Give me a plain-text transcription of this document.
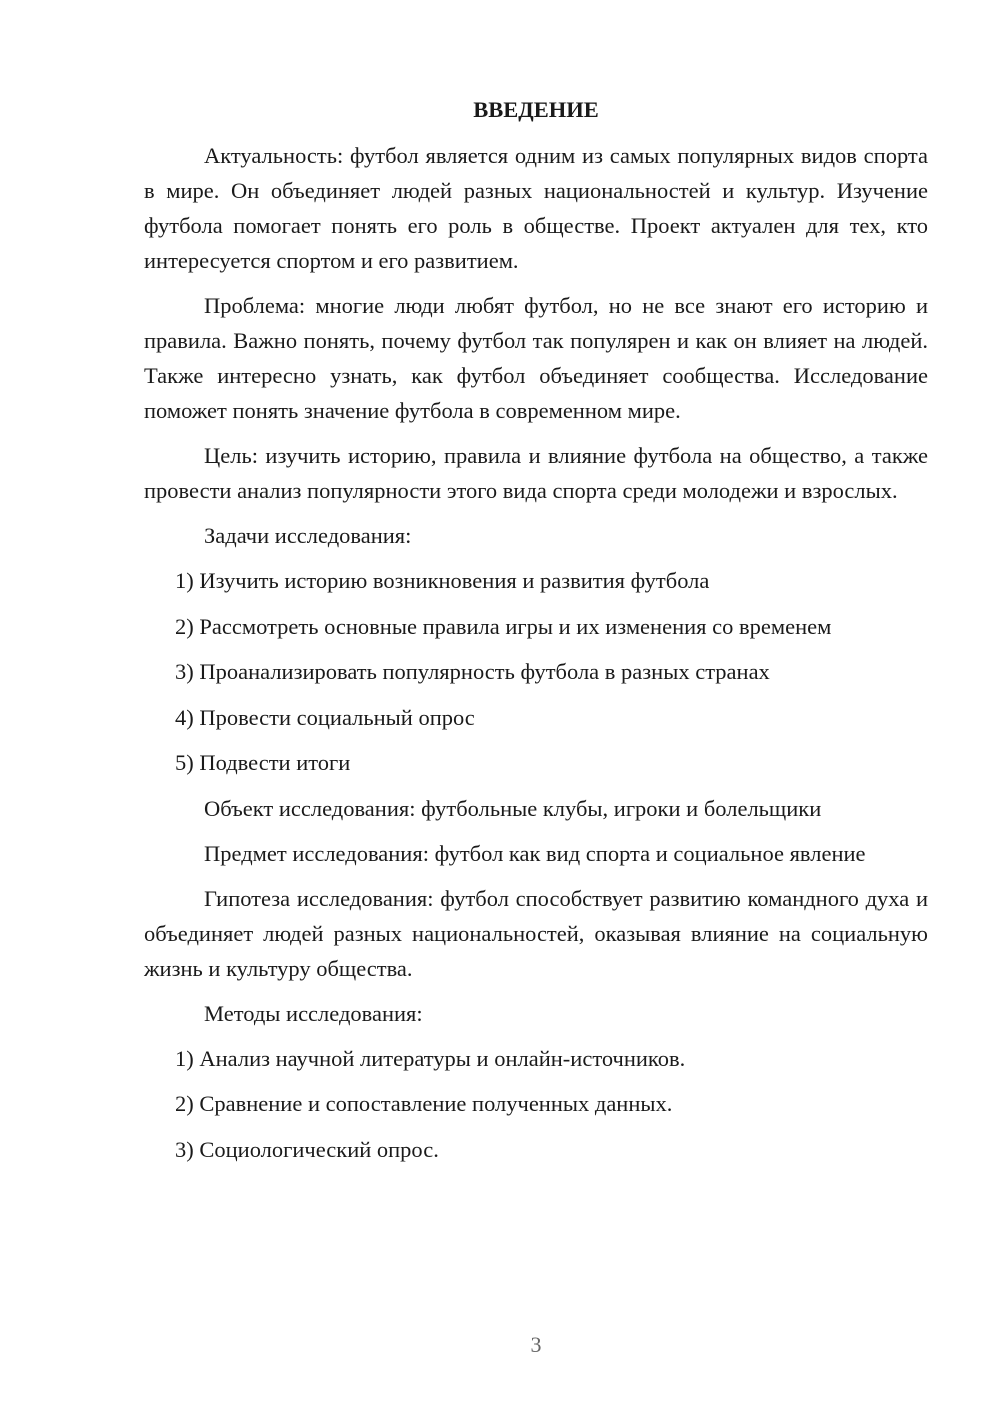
ВВЕДЕНИЕ

Актуальность: футбол является одним из самых популярных видов спорта в мире. Он объединяет людей разных национальностей и культур. Изучение футбола помогает понять его роль в обществе. Проект актуален для тех, кто интересуется спортом и его развитием.

Проблема: многие люди любят футбол, но не все знают его историю и правила. Важно понять, почему футбол так популярен и как он влияет на людей. Также интересно узнать, как футбол объединяет сообщества. Исследование поможет понять значение футбола в современном мире.

Цель: изучить историю, правила и влияние футбола на общество, а также провести анализ популярности этого вида спорта среди молодежи и взрослых.

Задачи исследования:

1) Изучить историю возникновения и развития футбола
2) Рассмотреть основные правила игры и их изменения со временем
3) Проанализировать популярность футбола в разных странах
4) Провести социальный опрос
5) Подвести итоги

Объект исследования: футбольные клубы, игроки и болельщики

Предмет исследования: футбол как вид спорта и социальное явление

Гипотеза исследования: футбол способствует развитию командного духа и объединяет людей разных национальностей, оказывая влияние на социальную жизнь и культуру общества.

Методы исследования:

1) Анализ научной литературы и онлайн-источников.
2) Сравнение и сопоставление полученных данных.
3) Социологический опрос.
3
